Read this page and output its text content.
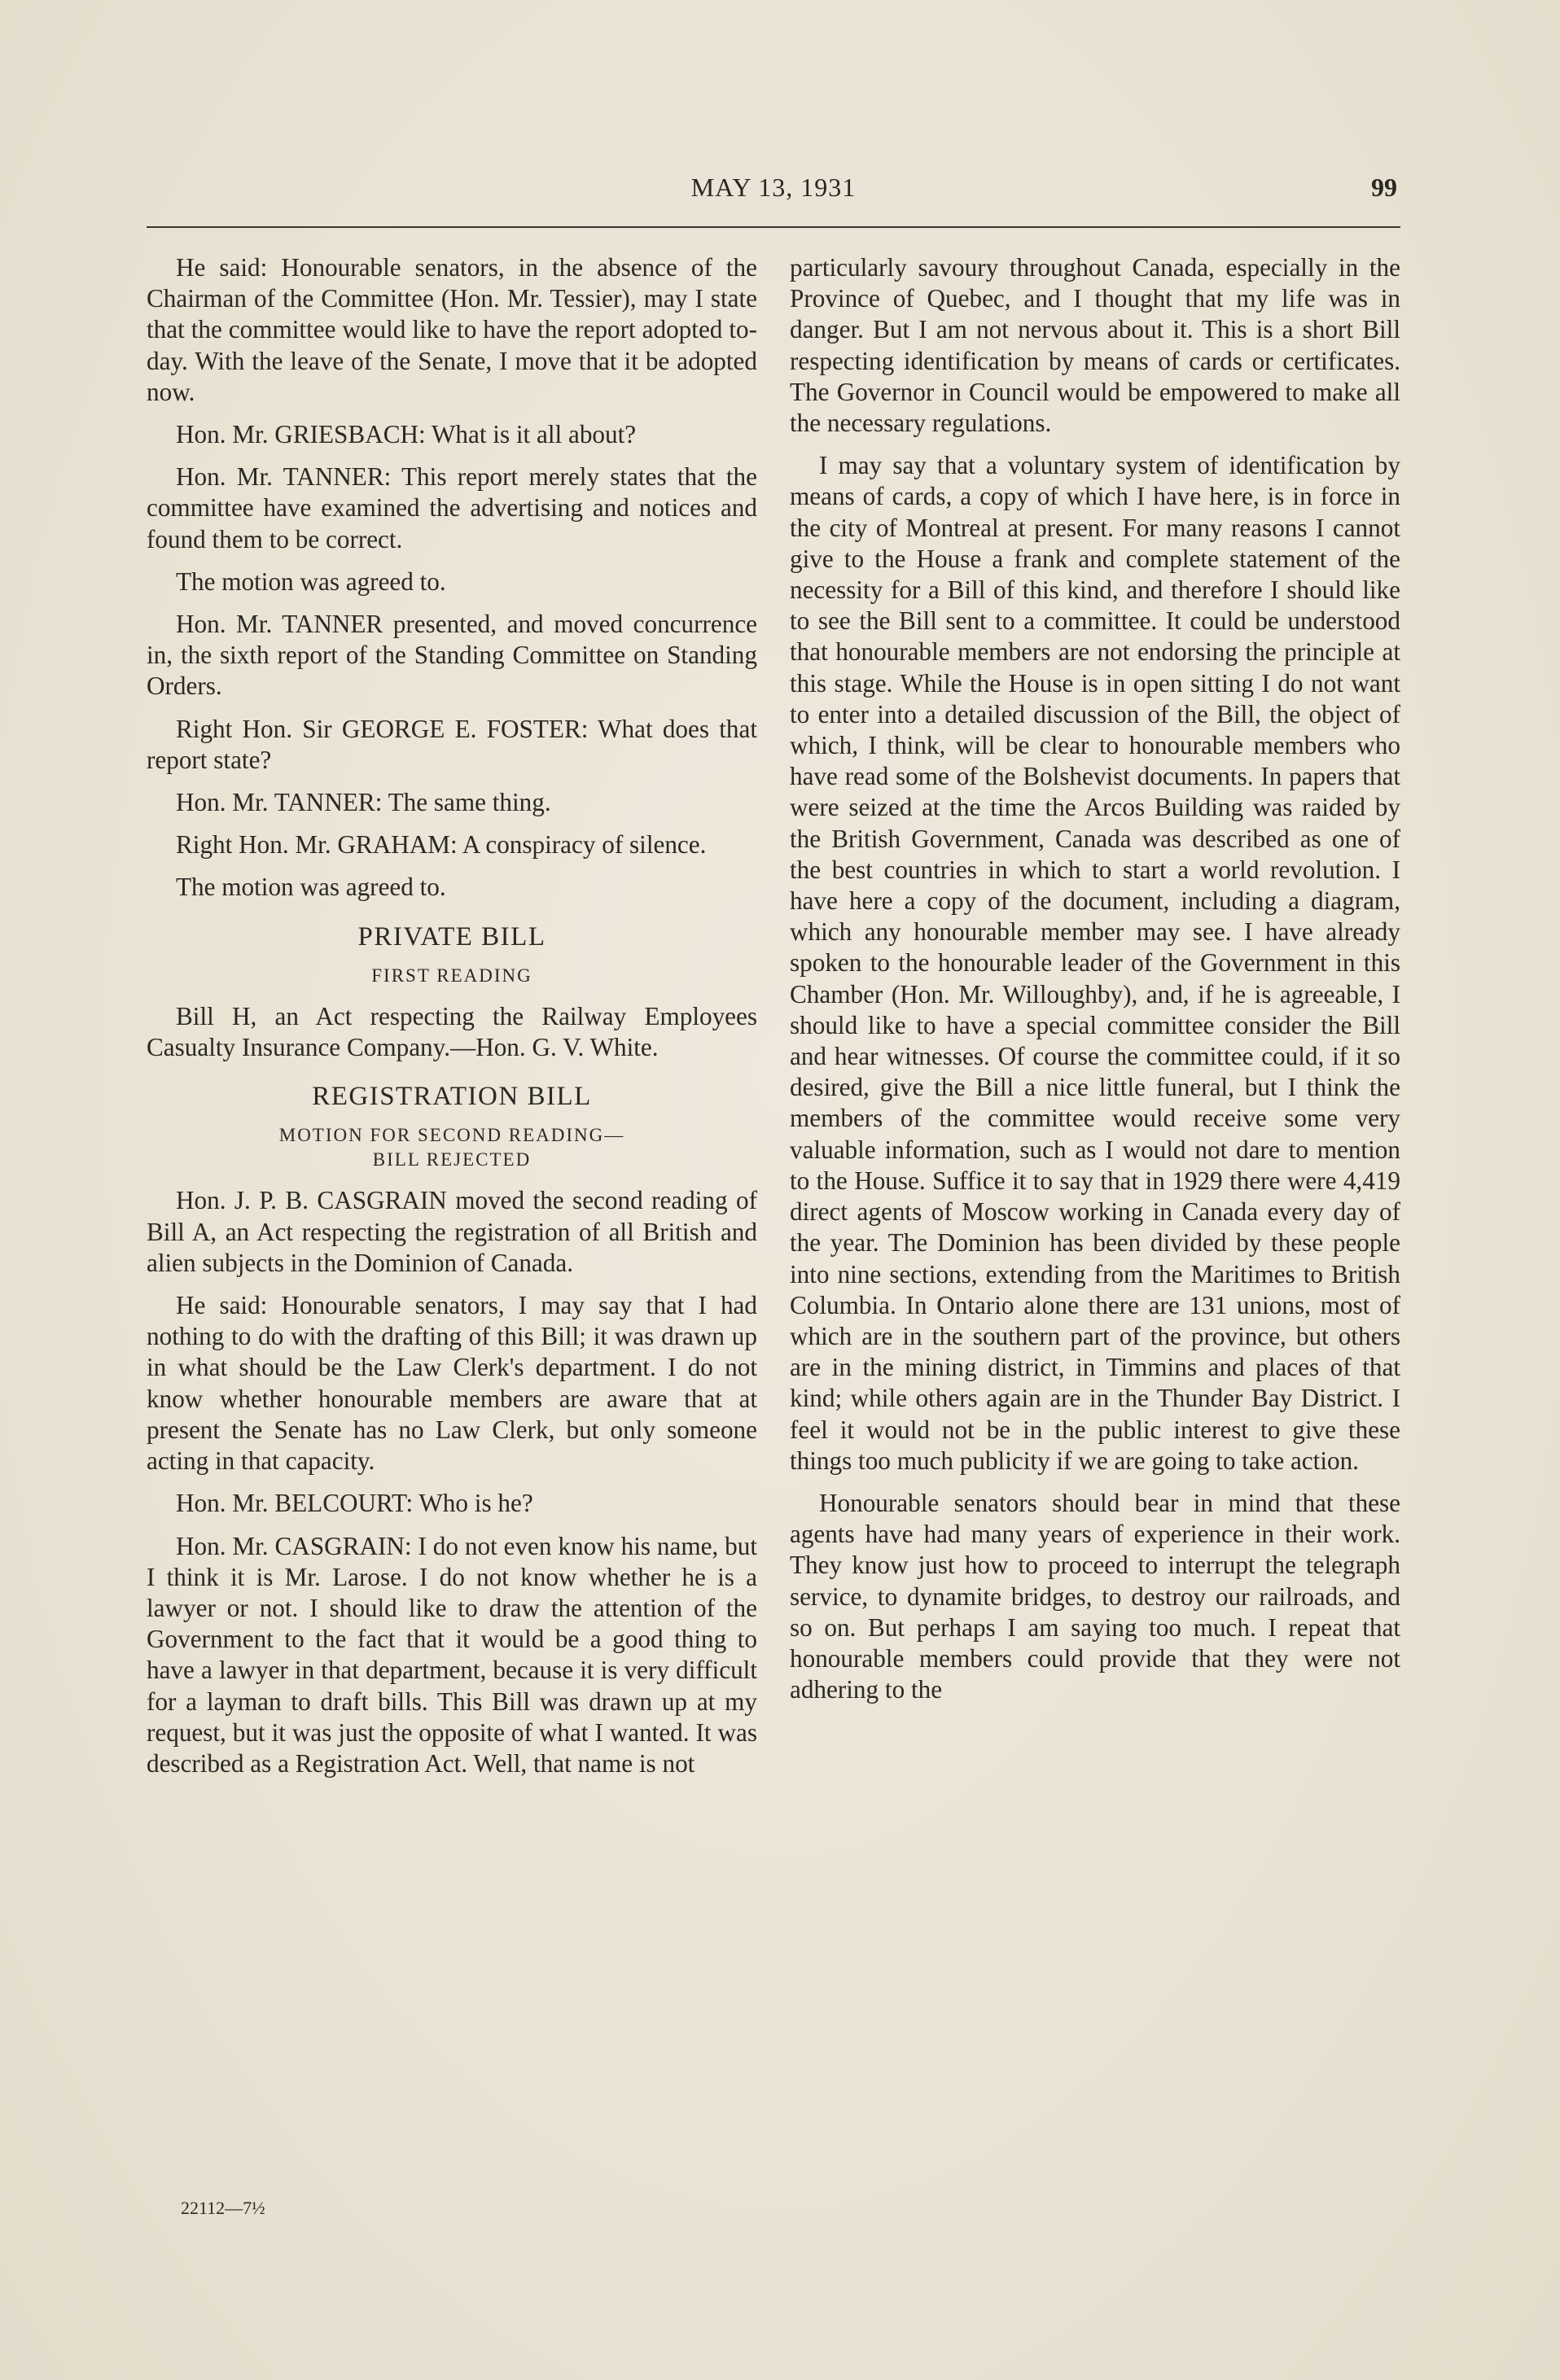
MAY 13, 1931	99

He said: Honourable senators, in the absence of the Chairman of the Committee (Hon. Mr. Tessier), may I state that the committee would like to have the report adopted to-day. With the leave of the Senate, I move that it be adopted now.

Hon. Mr. GRIESBACH: What is it all about?

Hon. Mr. TANNER: This report merely states that the committee have examined the advertising and notices and found them to be correct.

The motion was agreed to.

Hon. Mr. TANNER presented, and moved concurrence in, the sixth report of the Standing Committee on Standing Orders.

Right Hon. Sir GEORGE E. FOSTER: What does that report state?

Hon. Mr. TANNER: The same thing.

Right Hon. Mr. GRAHAM: A conspiracy of silence.

The motion was agreed to.

PRIVATE BILL
FIRST READING

Bill H, an Act respecting the Railway Employees Casualty Insurance Company.—Hon. G. V. White.

REGISTRATION BILL
MOTION FOR SECOND READING—
BILL REJECTED

Hon. J. P. B. CASGRAIN moved the second reading of Bill A, an Act respecting the registration of all British and alien subjects in the Dominion of Canada.

He said: Honourable senators, I may say that I had nothing to do with the drafting of this Bill; it was drawn up in what should be the Law Clerk's department. I do not know whether honourable members are aware that at present the Senate has no Law Clerk, but only someone acting in that capacity.

Hon. Mr. BELCOURT: Who is he?

Hon. Mr. CASGRAIN: I do not even know his name, but I think it is Mr. Larose. I do not know whether he is a lawyer or not. I should like to draw the attention of the Government to the fact that it would be a good thing to have a lawyer in that department, because it is very difficult for a layman to draft bills. This Bill was drawn up at my request, but it was just the opposite of what I wanted. It was described as a Registration Act. Well, that name is not

22112—7½

particularly savoury throughout Canada, especially in the Province of Quebec, and I thought that my life was in danger. But I am not nervous about it. This is a short Bill respecting identification by means of cards or certificates. The Governor in Council would be empowered to make all the necessary regulations.

I may say that a voluntary system of identification by means of cards, a copy of which I have here, is in force in the city of Montreal at present. For many reasons I cannot give to the House a frank and complete statement of the necessity for a Bill of this kind, and therefore I should like to see the Bill sent to a committee. It could be understood that honourable members are not endorsing the principle at this stage. While the House is in open sitting I do not want to enter into a detailed discussion of the Bill, the object of which, I think, will be clear to honourable members who have read some of the Bolshevist documents. In papers that were seized at the time the Arcos Building was raided by the British Government, Canada was described as one of the best countries in which to start a world revolution. I have here a copy of the document, including a diagram, which any honourable member may see. I have already spoken to the honourable leader of the Government in this Chamber (Hon. Mr. Willoughby), and, if he is agreeable, I should like to have a special committee consider the Bill and hear witnesses. Of course the committee could, if it so desired, give the Bill a nice little funeral, but I think the members of the committee would receive some very valuable information, such as I would not dare to mention to the House. Suffice it to say that in 1929 there were 4,419 direct agents of Moscow working in Canada every day of the year. The Dominion has been divided by these people into nine sections, extending from the Maritimes to British Columbia. In Ontario alone there are 131 unions, most of which are in the southern part of the province, but others are in the mining district, in Timmins and places of that kind; while others again are in the Thunder Bay District. I feel it would not be in the public interest to give these things too much publicity if we are going to take action.

Honourable senators should bear in mind that these agents have had many years of experience in their work. They know just how to proceed to interrupt the telegraph service, to dynamite bridges, to destroy our railroads, and so on. But perhaps I am saying too much. I repeat that honourable members could provide that they were not adhering to the
